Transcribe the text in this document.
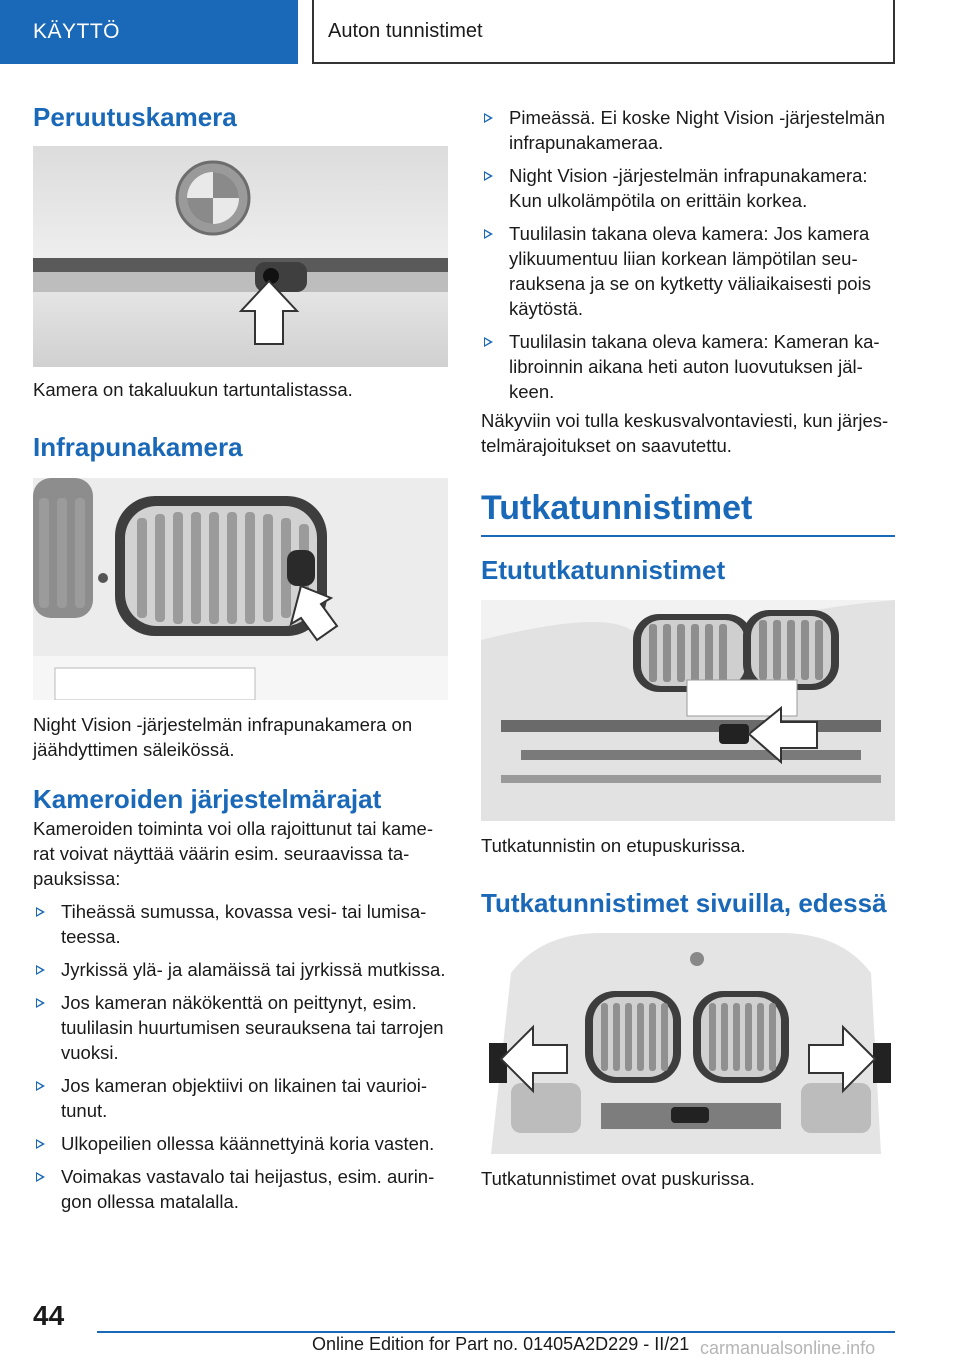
KÄYTTÖ	Auton tunnistimet
Peruutuskamera

Kamera on takaluukun tartuntalistassa.

Infrapunakamera

Night Vision -järjestelmän infrapunakamera on jäähdyttimen säleikössä.

Kameroiden järjestelmärajat

Kameroiden toiminta voi olla rajoittunut tai kamerat voivat näyttää väärin esim. seuraavissa tapauksissa:

Tiheässä sumussa, kovassa vesi- tai lumisateessa.
Jyrkissä ylä- ja alamäissä tai jyrkissä mutkissa.
Jos kameran näkökenttä on peittynyt, esim. tuulilasin huurtumisen seurauksena tai tarrojen vuoksi.
Jos kameran objektiivi on likainen tai vaurioitunut.
Ulkopeilien ollessa käännettyinä koria vasten.
Voimakas vastavalo tai heijastus, esim. auringon ollessa matalalla.
Pimeässä. Ei koske Night Vision -järjestelmän infrapunakameraa.
Night Vision -järjestelmän infrapunakamera: Kun ulkolämpötila on erittäin korkea.
Tuulilasin takana oleva kamera: Jos kamera ylikuumentuu liian korkean lämpötilan seurauksena ja se on kytketty väliaikaisesti pois käytöstä.
Tuulilasin takana oleva kamera: Kameran kalibroinnin aikana heti auton luovutuksen jälkeen.

Näkyviin voi tulla keskusvalvontaviesti, kun järjestelmärajoitukset on saavutettu.

Tutkatunnistimet
Etututkatunnistimet

Tutkatunnistin on etupuskurissa.

Tutkatunnistimet sivuilla, edessä

Tutkatunnistimet ovat puskurissa.

44
Online Edition for Part no. 01405A2D229 - II/21 carmanualsonline.info
